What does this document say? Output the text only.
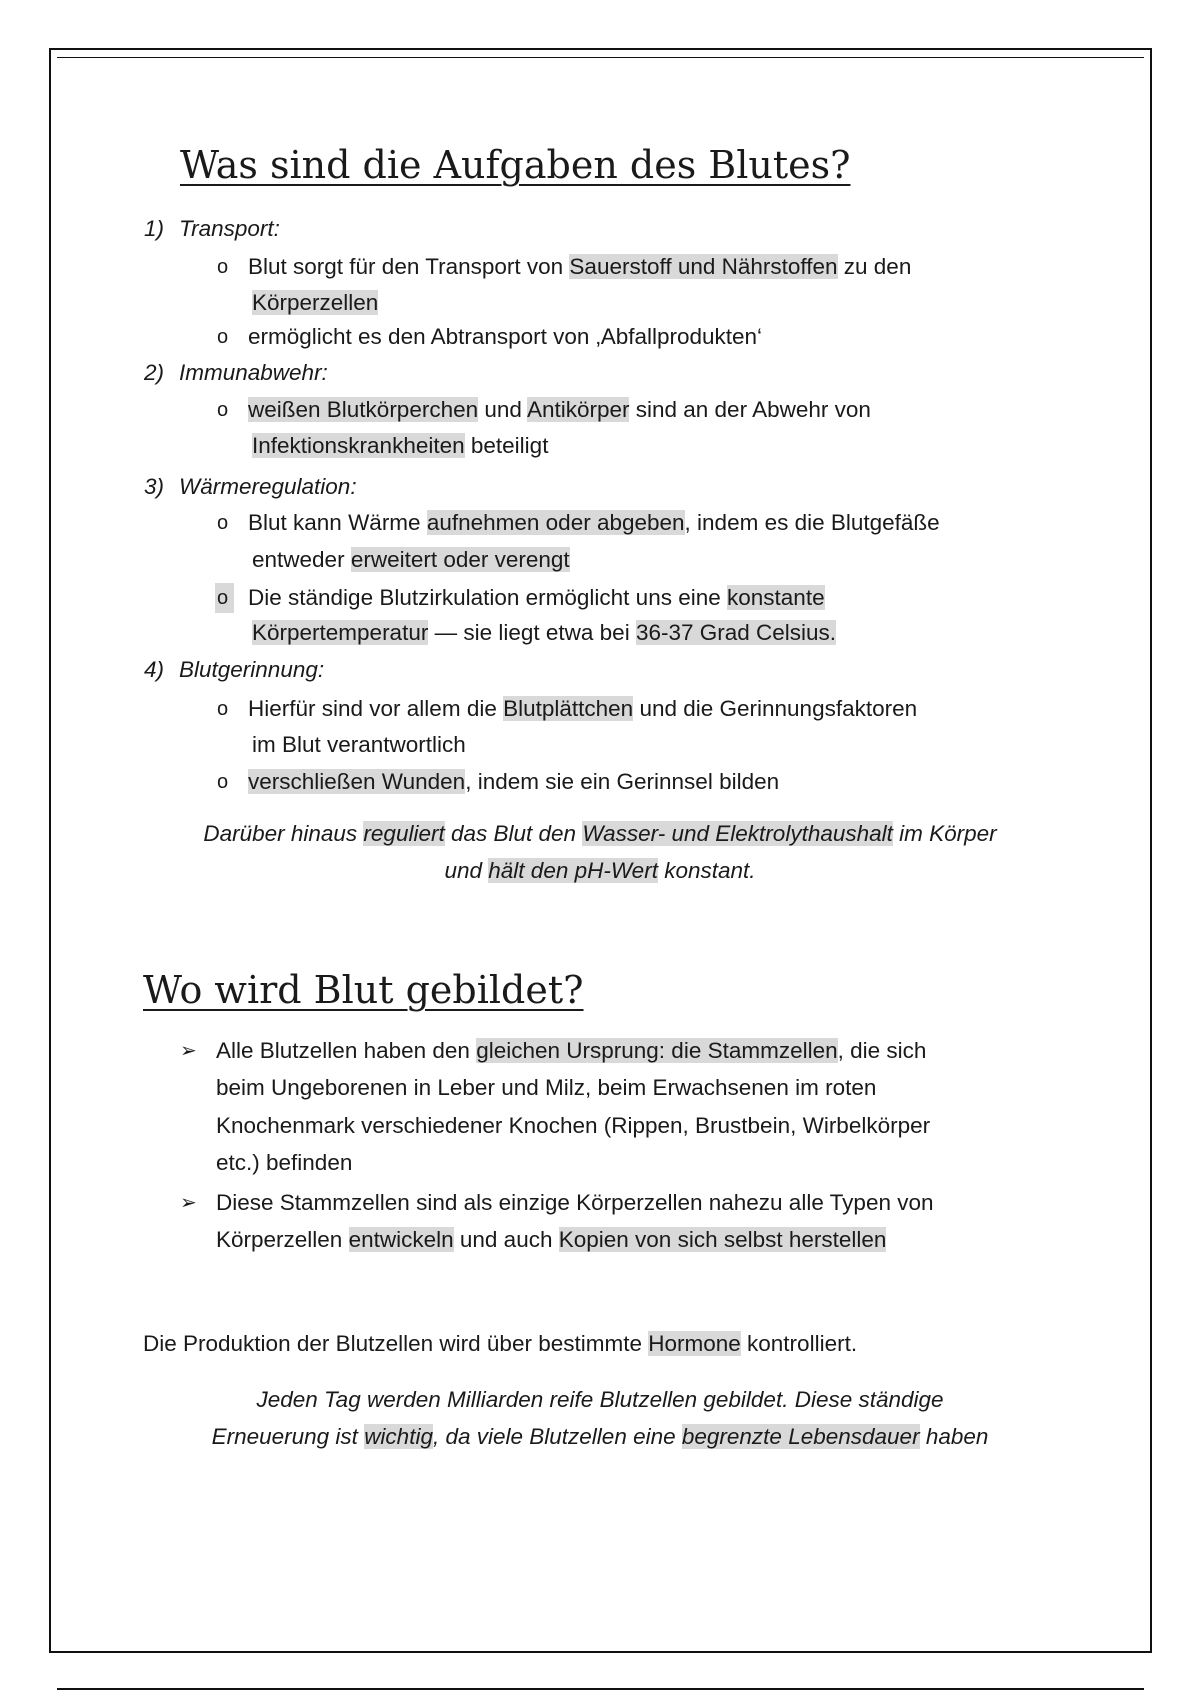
Was sind die Aufgaben des Blutes?
Wo wird Blut gebildet?
1) Transport:
o Blut sorgt für den Transport von Sauerstoff und Nährstoffen zu den
Körperzellen
o ermöglicht es den Abtransport von ‚Abfallprodukten‘
2) Immunabwehr:
o weißen Blutkörperchen und Antikörper sind an der Abwehr von
Infektionskrankheiten beteiligt
3) Wärmeregulation:
o Blut kann Wärme aufnehmen oder abgeben, indem es die Blutgefäße
entweder erweitert oder verengt
o Die ständige Blutzirkulation ermöglicht uns eine konstante
Körpertemperatur — sie liegt etwa bei 36-37 Grad Celsius.
4) Blutgerinnung:
o Hierfür sind vor allem die Blutplättchen und die Gerinnungsfaktoren
im Blut verantwortlich
o verschließen Wunden, indem sie ein Gerinnsel bilden
Darüber hinaus reguliert das Blut den Wasser- und Elektrolythaushalt im Körper
und hält den pH-Wert konstant.
➢ Alle Blutzellen haben den gleichen Ursprung: die Stammzellen, die sich
beim Ungeborenen in Leber und Milz, beim Erwachsenen im roten
Knochenmark verschiedener Knochen (Rippen, Brustbein, Wirbelkörper
etc.) befinden
➢ Diese Stammzellen sind als einzige Körperzellen nahezu alle Typen von
Körperzellen entwickeln und auch Kopien von sich selbst herstellen
Die Produktion der Blutzellen wird über bestimmte Hormone kontrolliert.
Jeden Tag werden Milliarden reife Blutzellen gebildet. Diese ständige
Erneuerung ist wichtig, da viele Blutzellen eine begrenzte Lebensdauer haben
